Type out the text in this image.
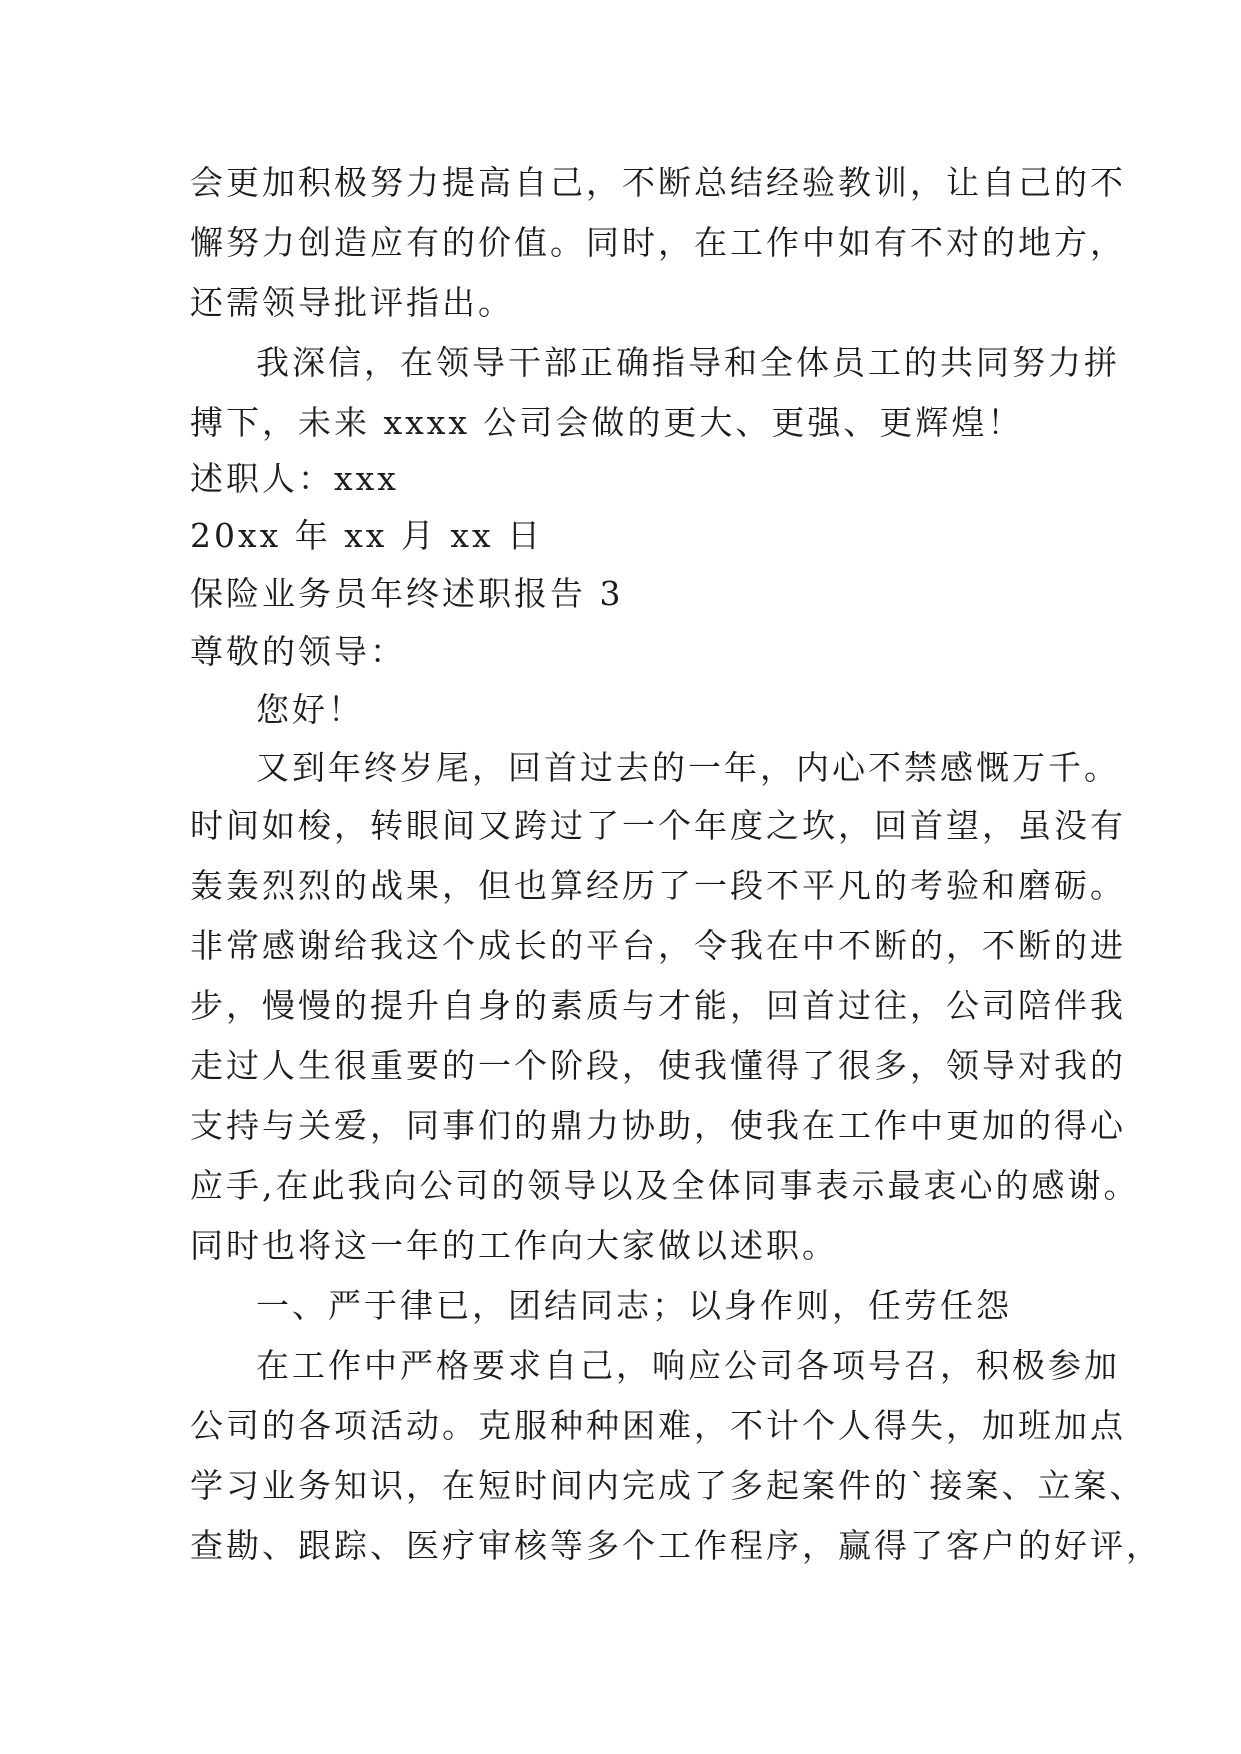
会更加积极努力提高自己，不断总结经验教训，让自己的不

懈努力创造应有的价值。同时，在工作中如有不对的地方，

还需领导批评指出。

我深信，在领导干部正确指导和全体员工的共同努力拼

搏下，未来 xxxx 公司会做的更大、更强、更辉煌！

述职人：xxx

20xx 年 xx 月 xx 日

保险业务员年终述职报告 3

尊敬的领导：

您好！

又到年终岁尾，回首过去的一年，内心不禁感慨万千。

时间如梭，转眼间又跨过了一个年度之坎，回首望，虽没有

轰轰烈烈的战果，但也算经历了一段不平凡的考验和磨砺。

非常感谢给我这个成长的平台，令我在中不断的，不断的进

步，慢慢的提升自身的素质与才能，回首过往，公司陪伴我

走过人生很重要的一个阶段，使我懂得了很多，领导对我的

支持与关爱，同事们的鼎力协助，使我在工作中更加的得心

应手,在此我向公司的领导以及全体同事表示最衷心的感谢。

同时也将这一年的工作向大家做以述职。

一、严于律已，团结同志；以身作则，任劳任怨

在工作中严格要求自己，响应公司各项号召，积极参加

公司的各项活动。克服种种困难，不计个人得失，加班加点

学习业务知识，在短时间内完成了多起案件的`接案、立案、

查勘、跟踪、医疗审核等多个工作程序，赢得了客户的好评，
